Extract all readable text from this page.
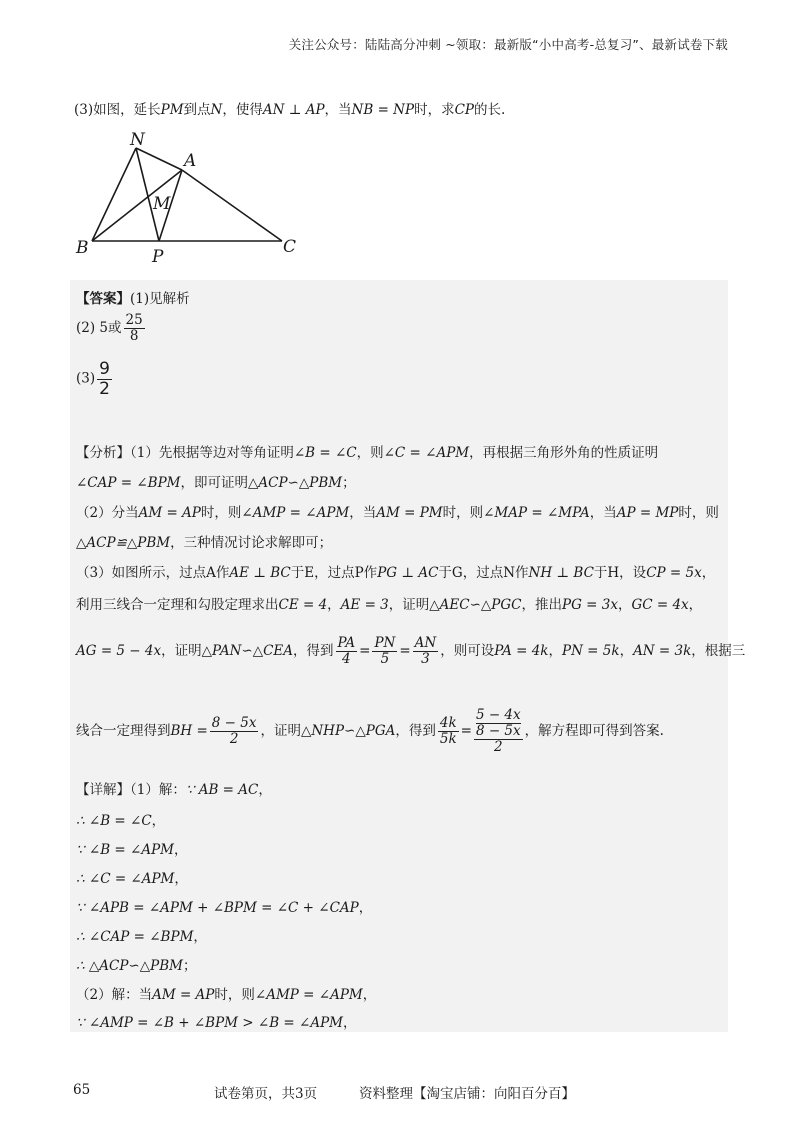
关注公众号：陆陆高分冲刺 ~领取：最新版“小中高考-总复习”、最新试卷下载
(3)如图，延长PM到点N，使得AN ⊥ AP，当NB = NP时，求CP的长.
N
A
M
B	P	C
【答案】(1)见解析
(2) 5或 $\frac{25}{8}$
$(3) \frac{9}{2}$
【分析】（1）先根据等边对等角证明∠B = ∠C，则∠C = ∠APM，再根据三角形外角的性质证明
∠CAP = ∠BPM，即可证明△ACP∽△PBM；
（2）分当AM = AP时，则∠AMP = ∠APM，当AM = PM时，则∠MAP = ∠MPA，当AP = MP时，则
△ACP≌△PBM，三种情况讨论求解即可；
（3）如图所示，过点A作AE ⊥ BC于E，过点P作PG ⊥ AC于G，过点N作NH ⊥ BC于H，设CP = 5x，
利用三线合一定理和勾股定理求出CE = 4，AE = 3，证明△AEC∽△PGC，推出PG = 3x，GC = 4x，
AG = 5 − 4x，证明△PAN∽△CEA，得到 $\frac{PA}{4} = \frac{PN}{5} = \frac{AN}{3}$ ，则可设PA = 4k，PN = 5k，AN = 3k，根据三
线合一定理得到BH = $\frac{8 - 5x}{2}$ ，证明△NHP∽△PGA，得到 $\frac{4k}{5k} = 5 - 4x$
8 − 5x
2 ，解方程即可得到答案.
【详解】（1）解：∵ AB = AC，
∴ ∠B = ∠C，
∵ ∠B = ∠APM，
∴ ∠C = ∠APM，
∵ ∠APB = ∠APM + ∠BPM = ∠C + ∠CAP，
∴ ∠CAP = ∠BPM，
∴ △ACP∽△PBM；
（2）解：当AM = AP时，则∠AMP = ∠APM，
∵ ∠AMP = ∠B + ∠BPM > ∠B = ∠APM，
65	试卷第页，共3页	资料整理【淘宝店铺：向阳百分百】
